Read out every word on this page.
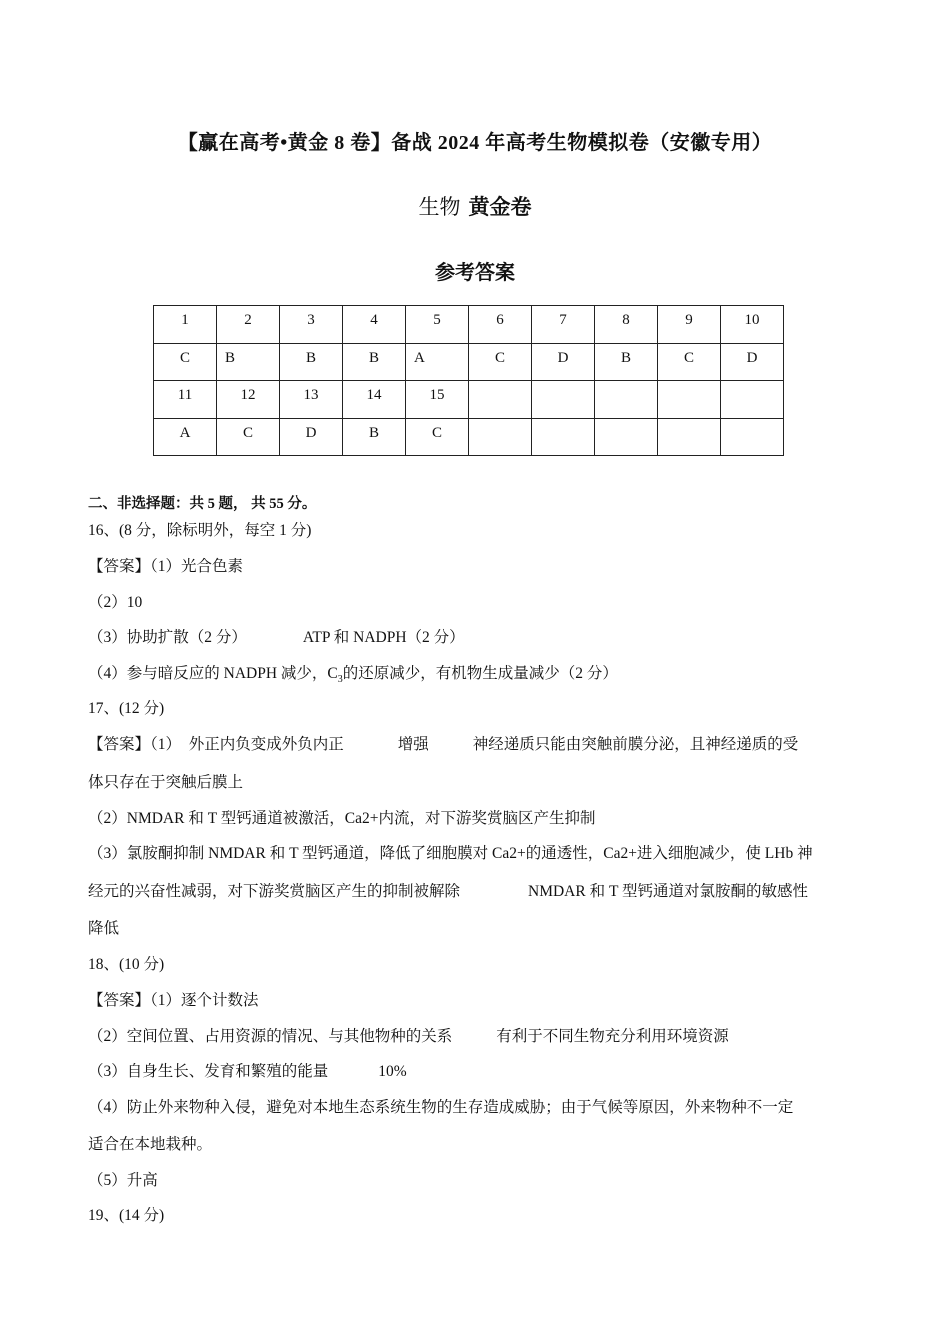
【赢在高考•黄金 8 卷】备战 2024 年高考生物模拟卷（安徽专用）
生物 黄金卷
参考答案
1	2	3	4	5	6	7	8	9	10
C	B	B	B	A	C	D	B	C	D
11	12	13	14	15					
A	C	D	B	C					
二、非选择题：共 5 题， 共 55 分。
16、(8 分，除标明外，每空 1 分)
【答案】（1）光合色素
（2）10
（3）协助扩散（2 分）	ATP 和 NADPH（2 分）
（4）参与暗反应的 NADPH 减少，$C_3$的还原减少，有机物生成量减少（2 分）
17、(12 分)
【答案】（1）　外正内负变成外负内正	增强	神经递质只能由突触前膜分泌，且神经递质的受
体只存在于突触后膜上
（2）NMDAR 和 T 型钙通道被激活，Ca2+内流，对下游奖赏脑区产生抑制
（3）氯胺酮抑制 NMDAR 和 T 型钙通道，降低了细胞膜对 Ca2+的通透性，Ca2+进入细胞减少，使 LHb 神
经元的兴奋性减弱，对下游奖赏脑区产生的抑制被解除	NMDAR 和 T 型钙通道对氯胺酮的敏感性
降低
18、(10 分)
【答案】（1）逐个计数法
（2）空间位置、占用资源的情况、与其他物种的关系	有利于不同生物充分利用环境资源
（3）自身生长、发育和繁殖的能量	10%
（4）防止外来物种入侵，避免对本地生态系统生物的生存造成威胁；由于气候等原因，外来物种不一定
适合在本地栽种。
（5）升高
19、(14 分)
